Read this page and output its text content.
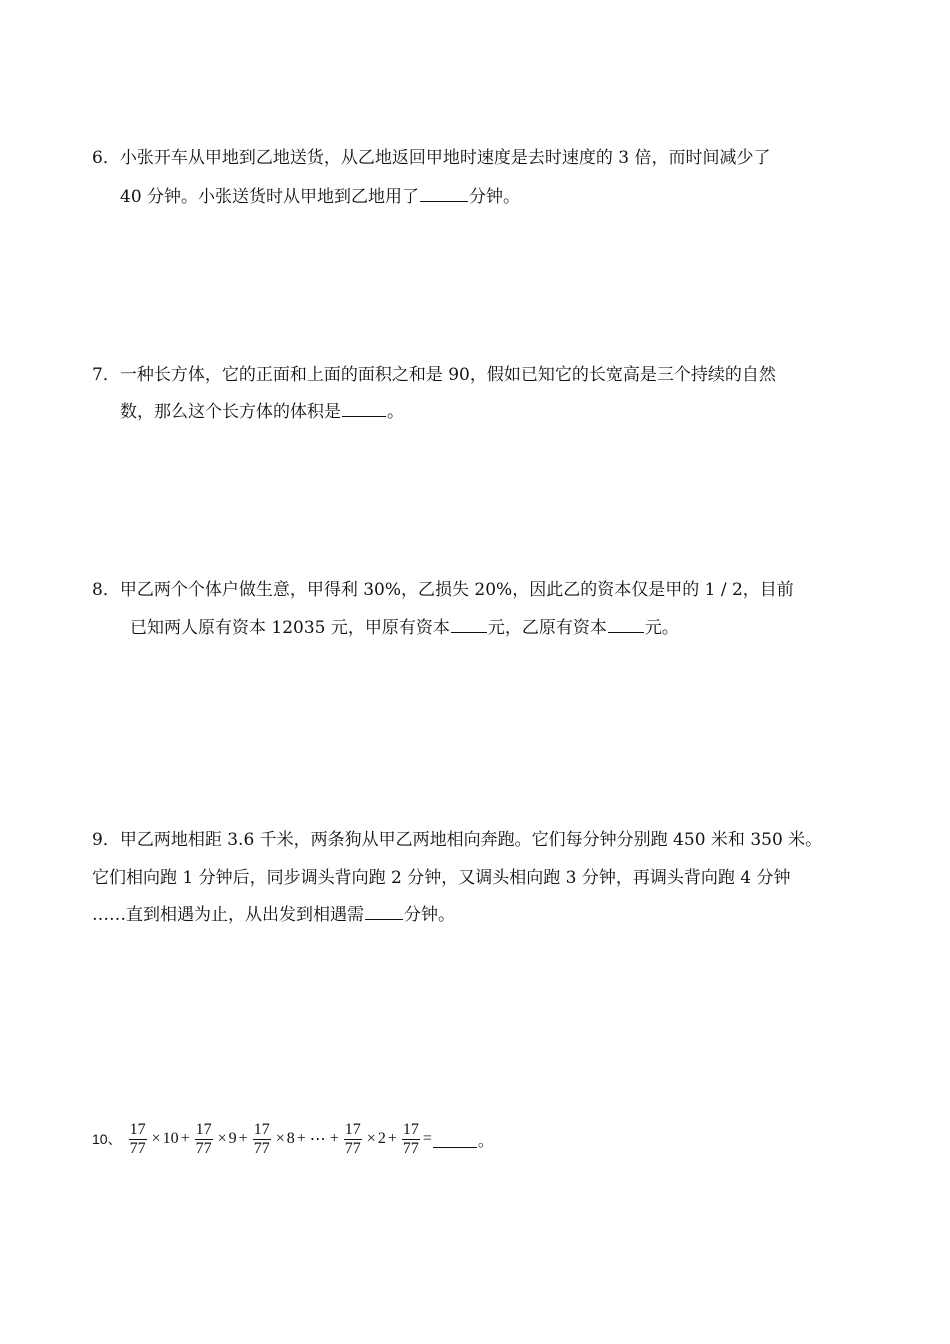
6．小张开车从甲地到乙地送货，从乙地返回甲地时速度是去时速度的 3 倍，而时间减少了
40 分钟。小张送货时从甲地到乙地用了	分钟。
7．一种长方体，它的正面和上面的面积之和是 90，假如已知它的长宽高是三个持续的自然
数，那么这个长方体的体积是	。
8．甲乙两个个体户做生意，甲得利 30%，乙损失 20%，因此乙的资本仅是甲的 1 / 2，目前
已知两人原有资本 12035 元，甲原有资本 元，乙原有资本 元。
9．甲乙两地相距 3.6 千米，两条狗从甲乙两地相向奔跑。它们每分钟分别跑 450 米和 350 米。
它们相向跑 1 分钟后，同步调头背向跑 2 分钟，又调头相向跑 3 分钟，再调头背向跑 4 分钟
……直到相遇为止，从出发到相遇需 分钟。
10、 $\frac{17}{77} \times 10 + \frac{17}{77} \times 9 + \frac{17}{77} \times 8$ + ⋯ + $\frac{17}{77} \times 2 + \frac{17}{77}$ =	。
